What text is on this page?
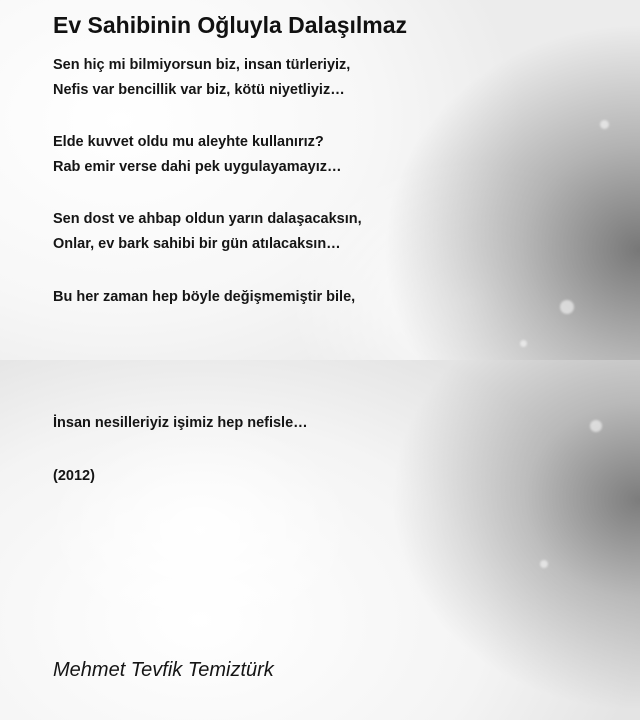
Ev Sahibinin Oğluyla Dalaşılmaz
Sen hiç mi bilmiyorsun biz, insan türleriyiz,
Nefis var bencillik var biz, kötü niyetliyiz…
Elde kuvvet oldu mu aleyhte kullanırız?
Rab emir verse dahi pek uygulayamayız…
Sen dost ve ahbap oldun yarın dalaşacaksın,
Onlar, ev bark sahibi bir gün atılacaksın…
Bu her zaman hep böyle değişmemiştir bile,
İnsan nesilleriyiz işimiz hep nefisle…
(2012)

Mehmet Tevfik Temiztürk
